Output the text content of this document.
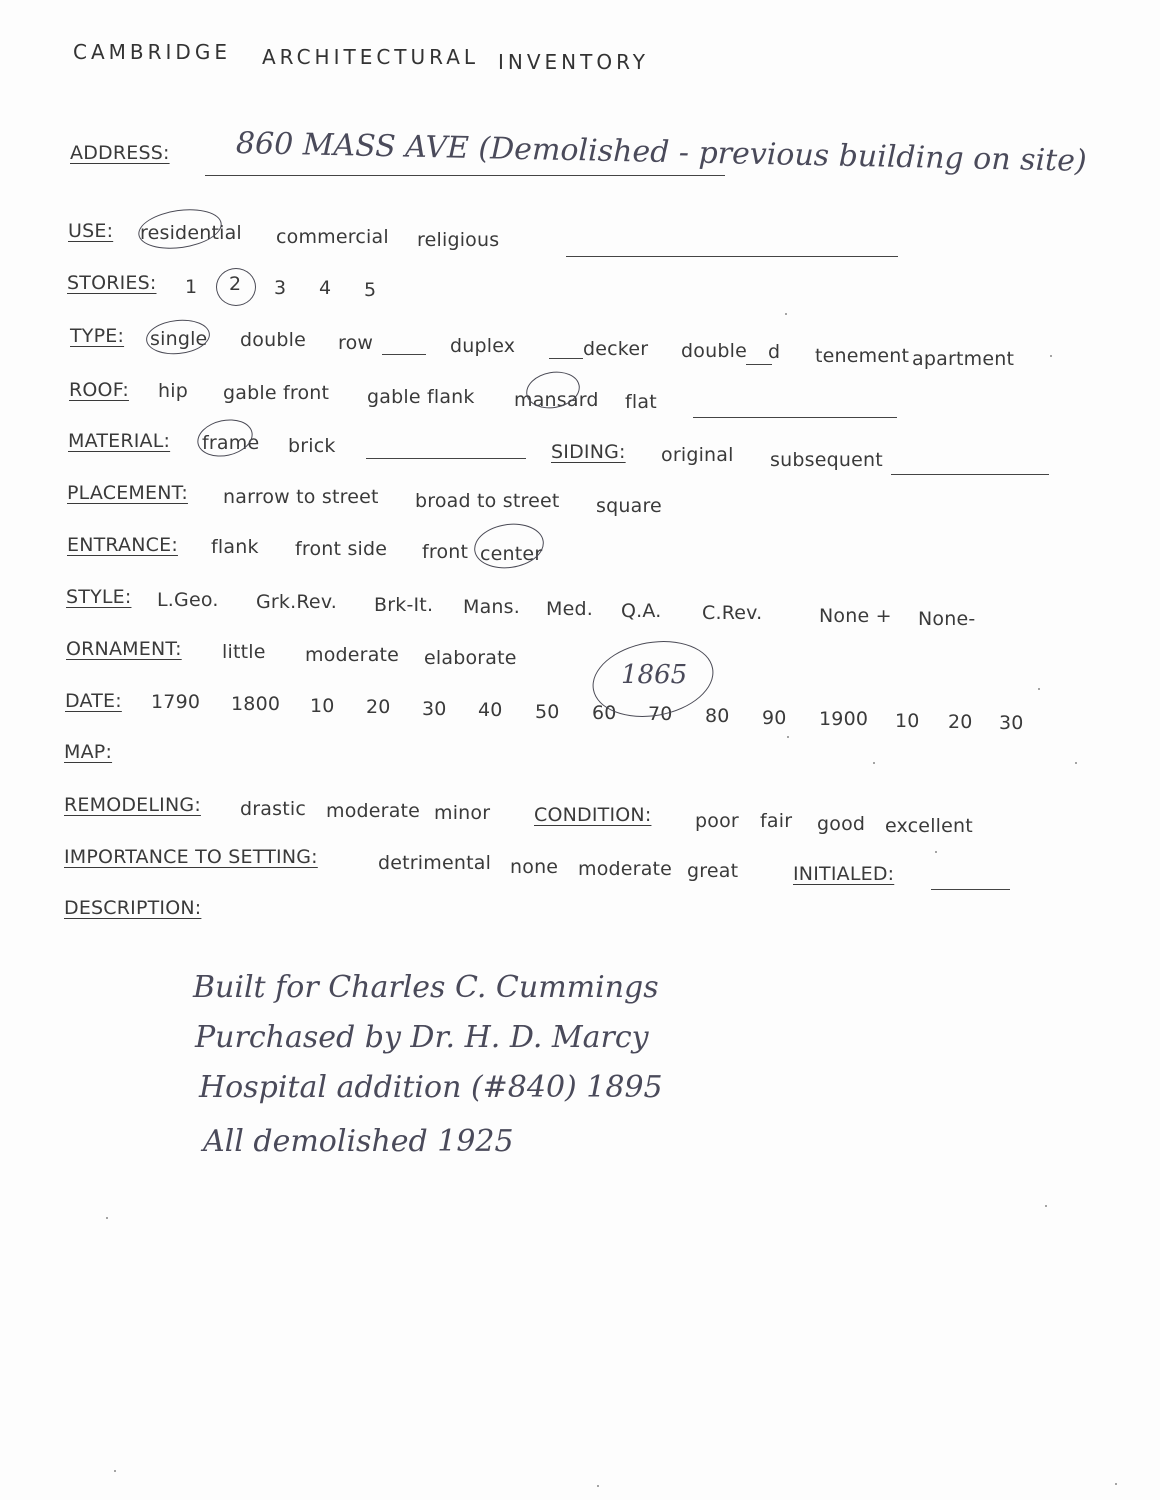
CAMBRIDGE ARCHITECTURAL INVENTORY
ADDRESS: 860 MASS AVE (Demolished - previous building on site)
USE: residential commercial religious
STORIES: 1 2 3 4 5
TYPE: single double row	duplex	decker double d tenement apartment
ROOF: hip gable front gable flank mansard flat
MATERIAL: frame brick	SIDING: original subsequent
PLACEMENT: narrow to street broad to street square
ENTRANCE: flank front side front center
STYLE: L.Geo. Grk.Rev. Brk-It. Mans. Med. Q.A. C.Rev.	None + None-
ORNAMENT: little moderate elaborate
DATE: 1790 1800 10 20 30 40 50 60 70 80 90 1900 10 20 30
1865
MAP:
REMODELING: drastic moderate minor CONDITION: poor fair good excellent
IMPORTANCE TO SETTING:	detrimental none moderate great	INITIALED:
DESCRIPTION:
Built for Charles C. Cummings
Purchased by Dr. H. D. Marcy
Hospital addition (#840) 1895
All demolished 1925
